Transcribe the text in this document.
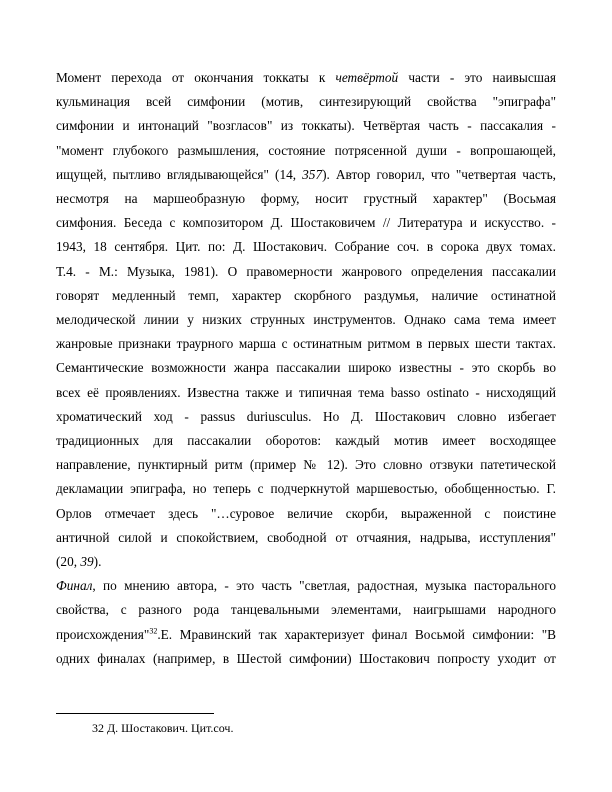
Момент перехода от окончания токкаты к четвёртой части - это наивысшая
кульминация всей симфонии (мотив, синтезирующий свойства "эпиграфа"
симфонии и интонаций "возгласов" из токкаты). Четвёртая часть - пассакалия -
"момент глубокого размышления, состояние потрясенной души - вопрошающей,
ищущей, пытливо вглядывающейся" (14, 357). Автор говорил, что "четвертая часть,
несмотря на маршеобразную форму, носит грустный характер" (Восьмая
симфония. Беседа с композитором Д. Шостаковичем // Литература и искусство. -
1943, 18 сентября. Цит. по: Д. Шостакович. Собрание соч. в сорока двух томах.
Т.4. - М.: Музыка, 1981). О правомерности жанрового определения пассакалии
говорят медленный темп, характер скорбного раздумья, наличие остинатной
мелодической линии у низких струнных инструментов. Однако сама тема имеет
жанровые признаки траурного марша с остинатным ритмом в первых шести тактах.
Семантические возможности жанра пассакалии широко известны - это скорбь во
всех её проявлениях. Известна также и типичная тема basso ostinato - нисходящий
хроматический ход - passus duriusculus. Но Д. Шостакович словно избегает
традиционных для пассакалии оборотов: каждый мотив имеет восходящее
направление, пунктирный ритм (пример № 12). Это словно отзвуки патетической
декламации эпиграфа, но теперь с подчеркнутой маршевостью, обобщенностью. Г.
Орлов отмечает здесь "…суровое величие скорби, выраженной с поистине
античной силой и спокойствием, свободной от отчаяния, надрыва, исступления"
(20, 39).
Финал, по мнению автора, - это часть "светлая, радостная, музыка пасторального
свойства, с разного рода танцевальными элементами, наигрышами народного
происхождения"$^{32}$.Е. Мравинский так характеризует финал Восьмой симфонии: "В
одних финалах (например, в Шестой симфонии) Шостакович попросту уходит от
32 Д. Шостакович. Цит.соч.
